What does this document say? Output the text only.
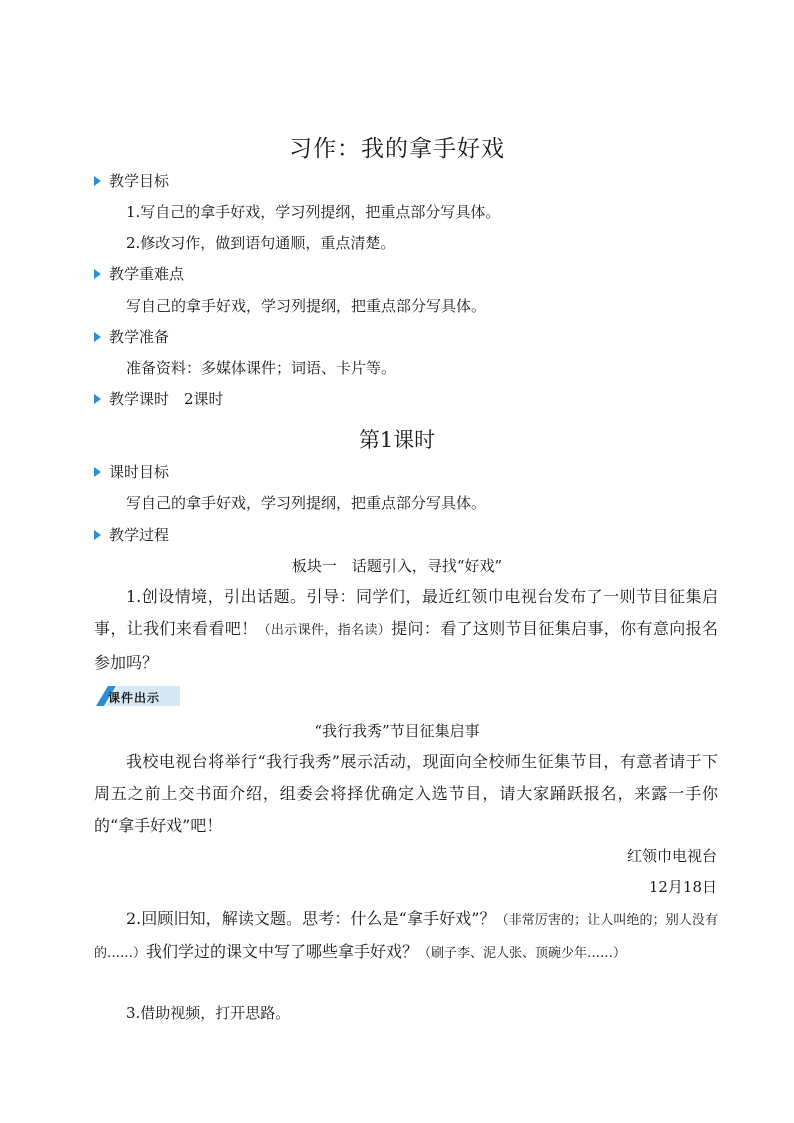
习作：我的拿手好戏
教学目标
1.写自己的拿手好戏，学习列提纲，把重点部分写具体。
2.修改习作，做到语句通顺，重点清楚。
教学重难点
写自己的拿手好戏，学习列提纲，把重点部分写具体。
教学准备
准备资料：多媒体课件；词语、卡片等。
教学课时　2课时
第1课时
课时目标
写自己的拿手好戏，学习列提纲，把重点部分写具体。
教学过程
板块一　话题引入，寻找“好戏”
1.创设情境，引出话题。引导：同学们，最近红领巾电视台发布了一则节目征集启事，让我们来看看吧！（出示课件，指名读）提问：看了这则节目征集启事，你有意向报名参加吗？
课件出示
“我行我秀”节目征集启事
我校电视台将举行“我行我秀”展示活动，现面向全校师生征集节目，有意者请于下周五之前上交书面介绍，组委会将择优确定入选节目，请大家踊跃报名，来露一手你的“拿手好戏”吧！
红领巾电视台
12月18日
2.回顾旧知，解读文题。思考：什么是“拿手好戏”？（非常厉害的；让人叫绝的；别人没有的……）我们学过的课文中写了哪些拿手好戏？（刷子李、泥人张、顶碗少年……）
3.借助视频，打开思路。
